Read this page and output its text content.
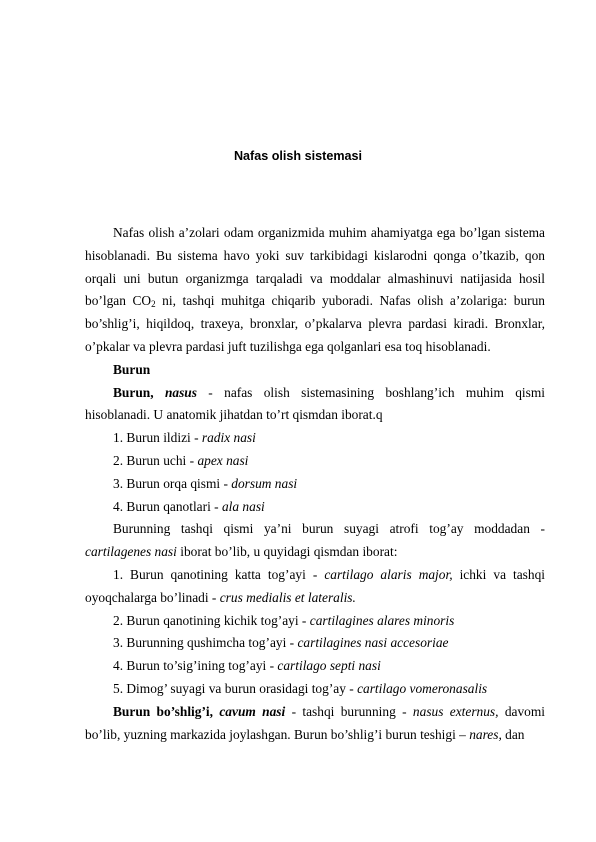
Nafas olish sistemasi

Nafas olish a’zolari odam organizmida muhim ahamiyatga ega bo’lgan sistema hisoblanadi. Bu sistema havo yoki suv tarkibidagi kislarodni qonga o’tkazib, qon orqali uni butun organizmga tarqaladi va moddalar almashinuvi natijasida hosil bo’lgan $CO_2$ ni, tashqi muhitga chiqarib yuboradi. Nafas olish a’zolariga: burun bo’shlig’i, hiqildoq, traxeya, bronxlar, o’pkalarva plevra pardasi kiradi. Bronxlar, o’pkalar va plevra pardasi juft tuzilishga ega qolganlari esa toq hisoblanadi.

Burun

Burun, nasus - nafas olish sistemasining boshlang’ich muhim qismi hisoblanadi. U anatomik jihatdan to’rt qismdan iborat.q

1. Burun ildizi - radix nasi

2. Burun uchi - apex nasi

3. Burun orqa qismi - dorsum nasi

4. Burun qanotlari - ala nasi

Burunning tashqi qismi ya’ni burun suyagi atrofi tog’ay moddadan - cartilagenes nasi iborat bo’lib, u quyidagi qismdan iborat:

1. Burun qanotining katta tog’ayi - cartilago alaris major, ichki va tashqi oyoqchalarga bo’linadi - crus medialis et lateralis.

2. Burun qanotining kichik tog’ayi - cartilagines alares minoris

3. Burunning qushimcha tog’ayi - cartilagines nasi accesoriae

4. Burun to’sig’ining tog’ayi - cartilago septi nasi

5. Dimog’ suyagi va burun orasidagi tog’ay - cartilago vomeronasalis

Burun bo’shlig’i, cavum nasi - tashqi burunning - nasus externus, davomi bo’lib, yuzning markazida joylashgan. Burun bo’shlig’i burun teshigi – nares, dan
